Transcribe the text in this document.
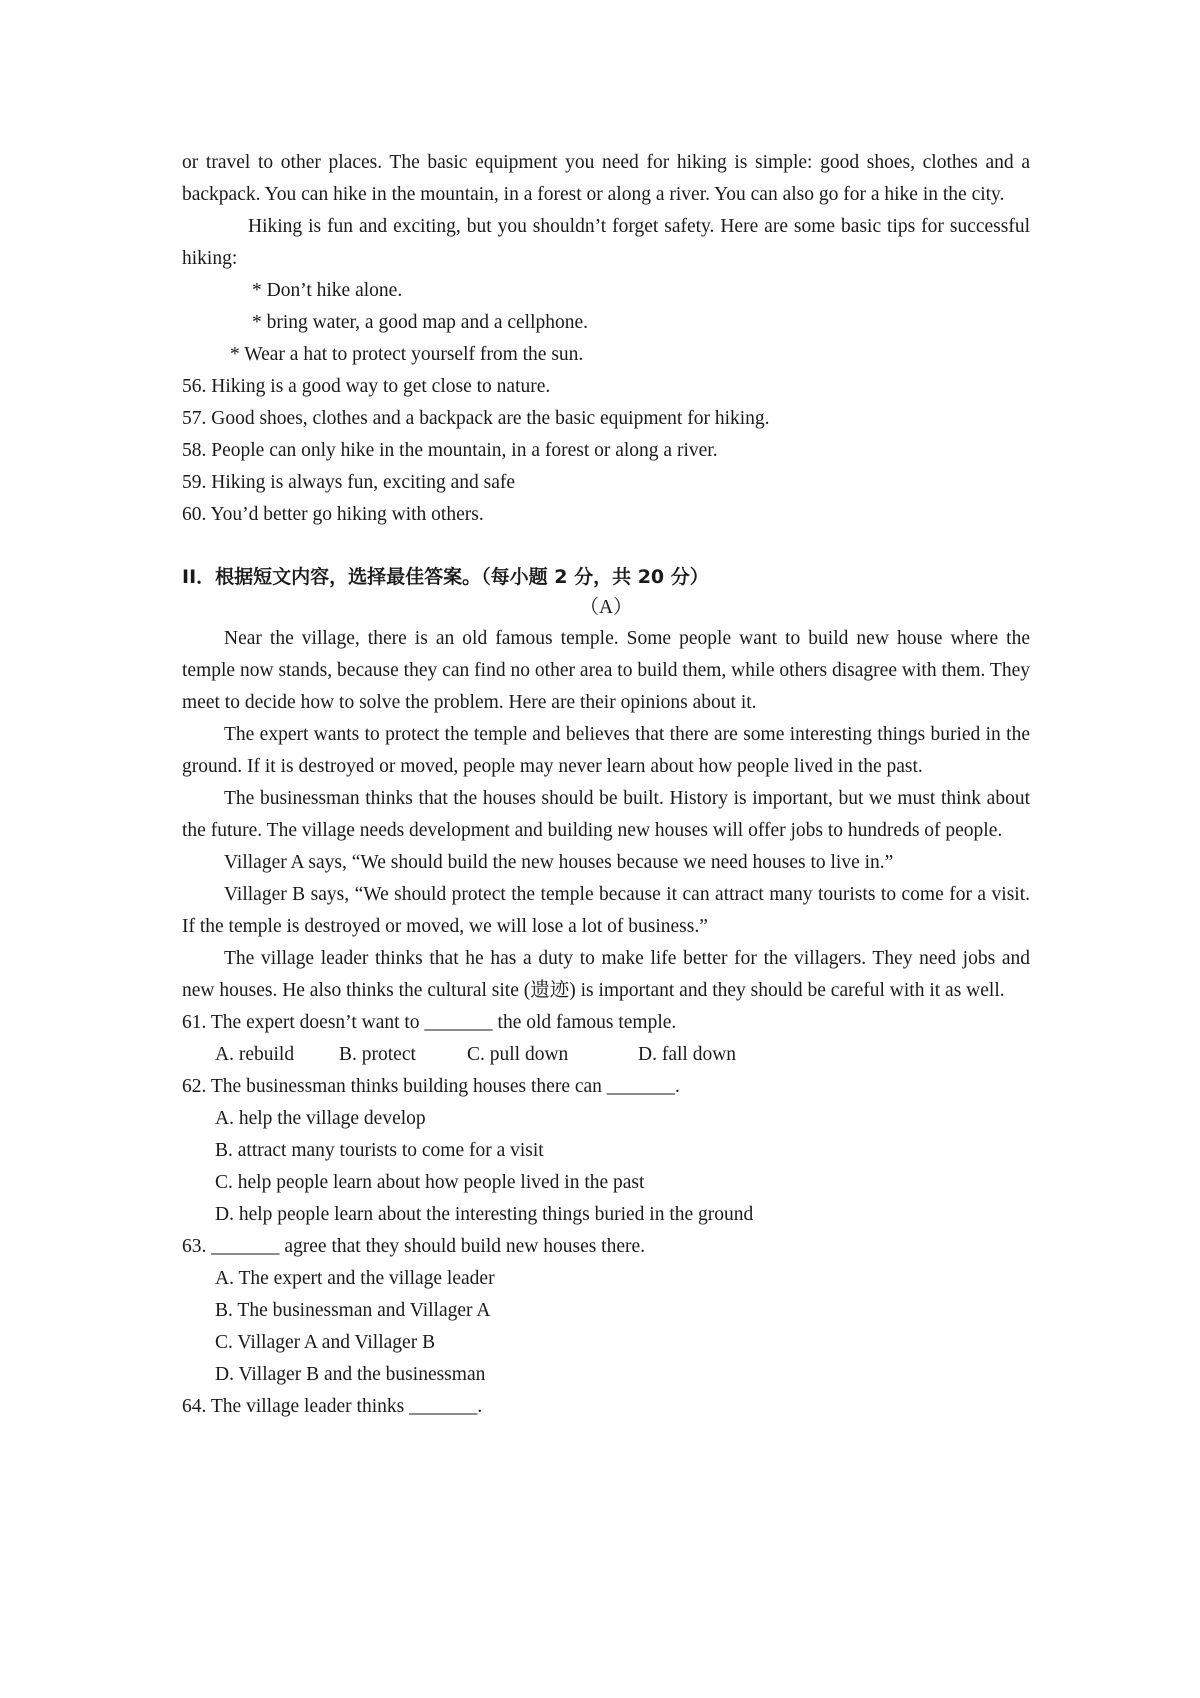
or travel to other places. The basic equipment you need for hiking is simple: good shoes, clothes and a backpack. You can hike in the mountain, in a forest or along a river. You can also go for a hike in the city.

Hiking is fun and exciting, but you shouldn’t forget safety. Here are some basic tips for successful hiking:

* Don’t hike alone.

* bring water, a good map and a cellphone.

* Wear a hat to protect yourself from the sun.

56. Hiking is a good way to get close to nature.

57. Good shoes, clothes and a backpack are the basic equipment for hiking.

58. People can only hike in the mountain, in a forest or along a river.

59. Hiking is always fun, exciting and safe

60. You’d better go hiking with others.

II．根据短文内容，选择最佳答案。（每小题 2 分，共 20 分）
（A）

Near the village, there is an old famous temple. Some people want to build new house where the temple now stands, because they can find no other area to build them, while others disagree with them. They meet to decide how to solve the problem. Here are their opinions about it.

The expert wants to protect the temple and believes that there are some interesting things buried in the ground. If it is destroyed or moved, people may never learn about how people lived in the past.

The businessman thinks that the houses should be built. History is important, but we must think about the future. The village needs development and building new houses will offer jobs to hundreds of people.

Villager A says, “We should build the new houses because we need houses to live in.”

Villager B says, “We should protect the temple because it can attract many tourists to come for a visit. If the temple is destroyed or moved, we will lose a lot of business.”

The village leader thinks that he has a duty to make life better for the villagers. They need jobs and new houses. He also thinks the cultural site (遗迹) is important and they should be careful with it as well.

61. The expert doesn’t want to _______ the old famous temple.

A. rebuild	B. protect	C. pull down	D. fall down

62. The businessman thinks building houses there can _______.

A. help the village develop

B. attract many tourists to come for a visit

C. help people learn about how people lived in the past

D. help people learn about the interesting things buried in the ground

63. _______ agree that they should build new houses there.

A. The expert and the village leader

B. The businessman and Villager A

C. Villager A and Villager B

D. Villager B and the businessman

64. The village leader thinks _______.
